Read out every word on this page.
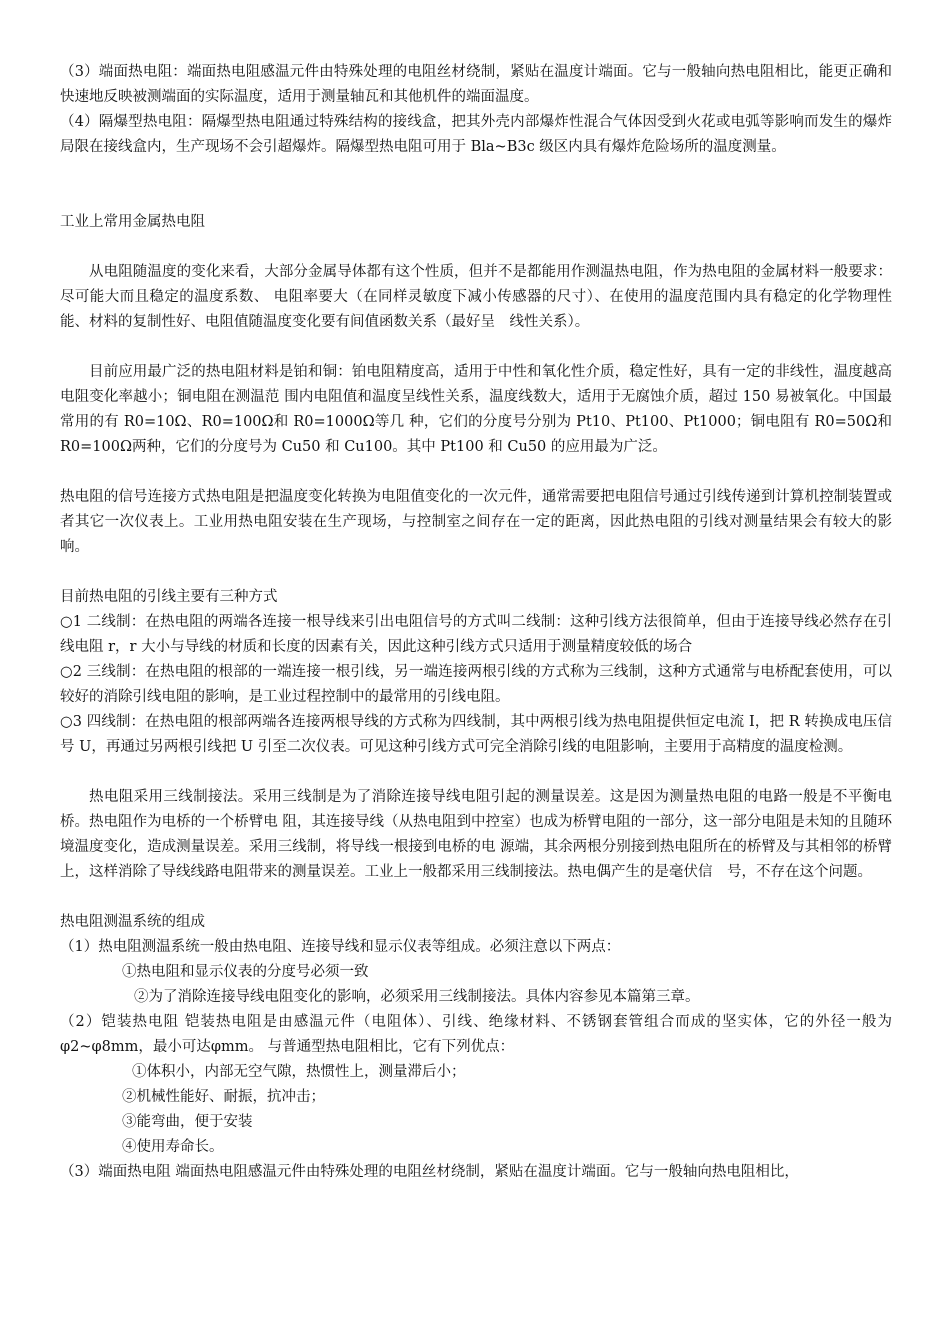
（3）端面热电阻：端面热电阻感温元件由特殊处理的电阻丝材绕制，紧贴在温度计端面。它与一般轴向热电阻相比，能更正确和快速地反映被测端面的实际温度，适用于测量轴瓦和其他机件的端面温度。

（4）隔爆型热电阻：隔爆型热电阻通过特殊结构的接线盒，把其外壳内部爆炸性混合气体因受到火花或电弧等影响而发生的爆炸局限在接线盒内，生产现场不会引超爆炸。隔爆型热电阻可用于 Bla~B3c 级区内具有爆炸危险场所的温度测量。

工业上常用金属热电阻

从电阻随温度的变化来看，大部分金属导体都有这个性质，但并不是都能用作测温热电阻，作为热电阻的金属材料一般要求：尽可能大而且稳定的温度系数、 电阻率要大（在同样灵敏度下减小传感器的尺寸）、在使用的温度范围内具有稳定的化学物理性能、材料的复制性好、电阻值随温度变化要有间值函数关系（最好呈　线性关系）。

目前应用最广泛的热电阻材料是铂和铜：铂电阻精度高，适用于中性和氧化性介质，稳定性好，具有一定的非线性，温度越高电阻变化率越小；铜电阻在测温范 围内电阻值和温度呈线性关系，温度线数大，适用于无腐蚀介质，超过 150 易被氧化。中国最常用的有 R0=10Ω、R0=100Ω和 R0=1000Ω等几 种，它们的分度号分别为 Pt10、Pt100、Pt1000；铜电阻有 R0=50Ω和 R0=100Ω两种，它们的分度号为 Cu50 和 Cu100。其中 Pt100 和 Cu50 的应用最为广泛。

热电阻的信号连接方式热电阻是把温度变化转换为电阻值变化的一次元件，通常需要把电阻信号通过引线传递到计算机控制装置或者其它一次仪表上。工业用热电阻安装在生产现场，与控制室之间存在一定的距离，因此热电阻的引线对测量结果会有较大的影响。

目前热电阻的引线主要有三种方式

○1 二线制：在热电阻的两端各连接一根导线来引出电阻信号的方式叫二线制：这种引线方法很简单，但由于连接导线必然存在引线电阻 r，r 大小与导线的材质和长度的因素有关，因此这种引线方式只适用于测量精度较低的场合

○2 三线制：在热电阻的根部的一端连接一根引线，另一端连接两根引线的方式称为三线制，这种方式通常与电桥配套使用，可以较好的消除引线电阻的影响，是工业过程控制中的最常用的引线电阻。

○3 四线制：在热电阻的根部两端各连接两根导线的方式称为四线制，其中两根引线为热电阻提供恒定电流 I，把 R 转换成电压信号 U，再通过另两根引线把 U 引至二次仪表。可见这种引线方式可完全消除引线的电阻影响，主要用于高精度的温度检测。

热电阻采用三线制接法。采用三线制是为了消除连接导线电阻引起的测量误差。这是因为测量热电阻的电路一般是不平衡电桥。热电阻作为电桥的一个桥臂电 阻，其连接导线（从热电阻到中控室）也成为桥臂电阻的一部分，这一部分电阻是未知的且随环境温度变化，造成测量误差。采用三线制，将导线一根接到电桥的电 源端，其余两根分别接到热电阻所在的桥臂及与其相邻的桥臂上，这样消除了导线线路电阻带来的测量误差。工业上一般都采用三线制接法。热电偶产生的是毫伏信　号，不存在这个问题。

热电阻测温系统的组成

（1）热电阻测温系统一般由热电阻、连接导线和显示仪表等组成。必须注意以下两点：

①热电阻和显示仪表的分度号必须一致

②为了消除连接导线电阻变化的影响，必须采用三线制接法。具体内容参见本篇第三章。

（2）铠装热电阻 铠装热电阻是由感温元件（电阻体）、引线、绝缘材料、不锈钢套管组合而成的坚实体，它的外径一般为φ2~φ8mm，最小可达φmm。 与普通型热电阻相比，它有下列优点：

①体积小，内部无空气隙，热惯性上，测量滞后小；

②机械性能好、耐振，抗冲击；

③能弯曲，便于安装

④使用寿命长。

（3）端面热电阻 端面热电阻感温元件由特殊处理的电阻丝材绕制，紧贴在温度计端面。它与一般轴向热电阻相比，
